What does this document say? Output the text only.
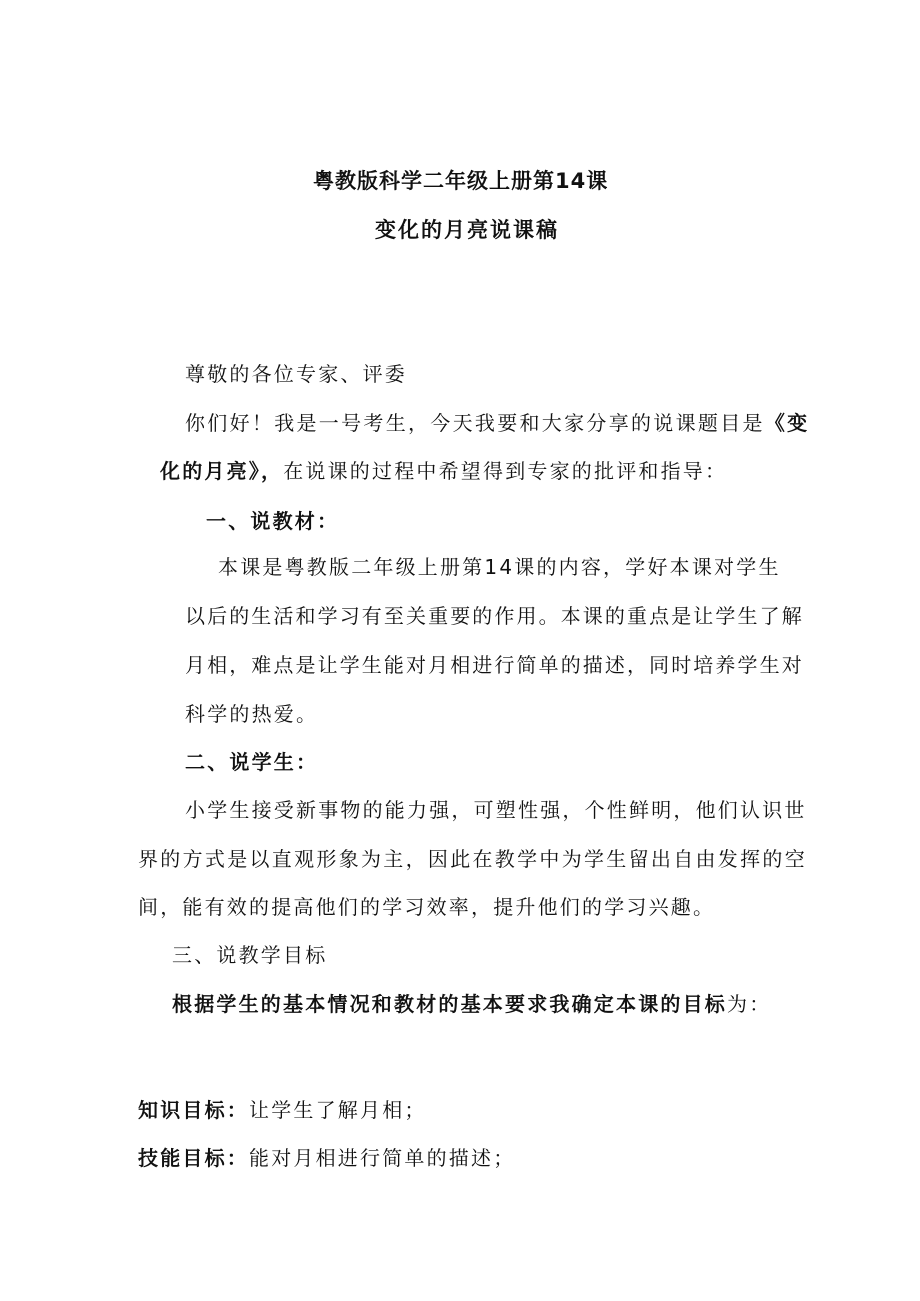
粤教版科学二年级上册第14课
变化的月亮说课稿
尊敬的各位专家、评委
你们好！我是一号考生，今天我要和大家分享的说课题目是《变
化的月亮》，在说课的过程中希望得到专家的批评和指导：
一、说教材：
本课是粤教版二年级上册第14课的内容，学好本课对学生
以后的生活和学习有至关重要的作用。本课的重点是让学生了解
月相，难点是让学生能对月相进行简单的描述，同时培养学生对
科学的热爱。
二、说学生：
小学生接受新事物的能力强，可塑性强，个性鲜明，他们认识世
界的方式是以直观形象为主，因此在教学中为学生留出自由发挥的空
间，能有效的提高他们的学习效率，提升他们的学习兴趣。
三、说教学目标
根据学生的基本情况和教材的基本要求我确定本课的目标为：
知识目标：让学生了解月相；
技能目标：能对月相进行简单的描述；
